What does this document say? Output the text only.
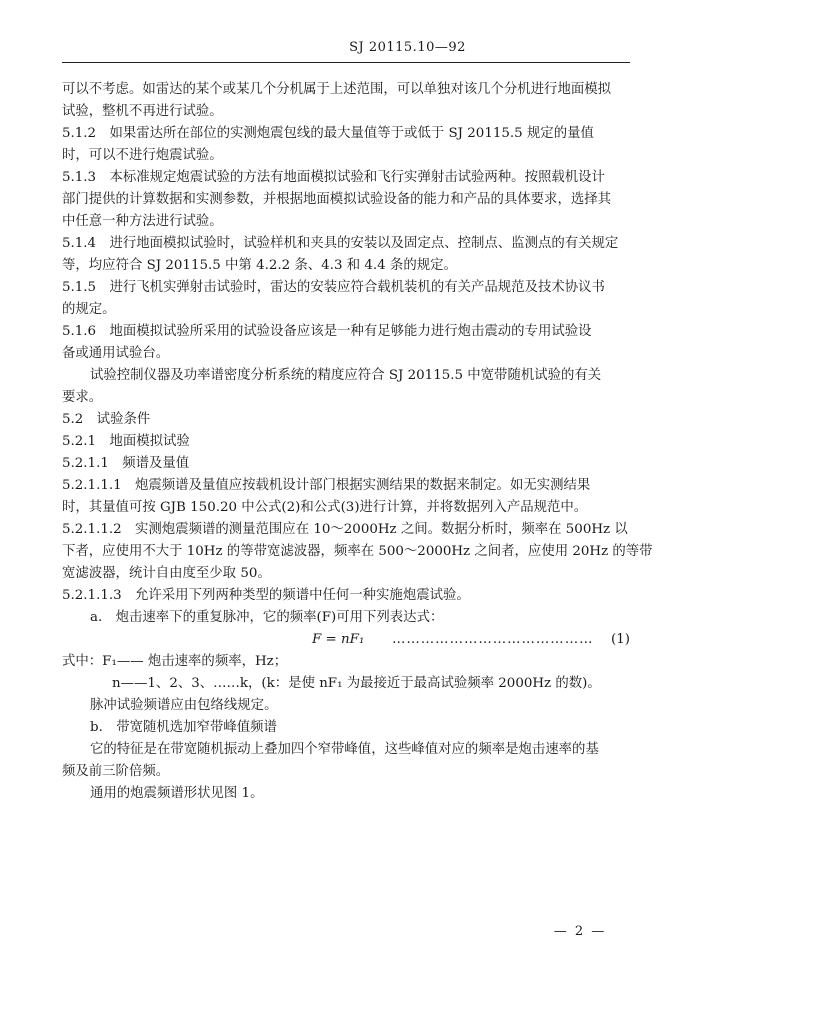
SJ 20115.10—92
可以不考虑。如雷达的某个或某几个分机属于上述范围，可以单独对该几个分机进行地面模拟
试验，整机不再进行试验。
5.1.2　如果雷达所在部位的实测炮震包线的最大量值等于或低于 SJ 20115.5 规定的量值
时，可以不进行炮震试验。
5.1.3　本标准规定炮震试验的方法有地面模拟试验和飞行实弹射击试验两种。按照载机设计
部门提供的计算数据和实测参数，并根据地面模拟试验设备的能力和产品的具体要求，选择其
中任意一种方法进行试验。
5.1.4　进行地面模拟试验时，试验样机和夹具的安装以及固定点、控制点、监测点的有关规定
等，均应符合 SJ 20115.5 中第 4.2.2 条、4.3 和 4.4 条的规定。
5.1.5　进行飞机实弹射击试验时，雷达的安装应符合载机装机的有关产品规范及技术协议书
的规定。
5.1.6　地面模拟试验所采用的试验设备应该是一种有足够能力进行炮击震动的专用试验设
备或通用试验台。
试验控制仪器及功率谱密度分析系统的精度应符合 SJ 20115.5 中宽带随机试验的有关
要求。
5.2　试验条件
5.2.1　地面模拟试验
5.2.1.1　频谱及量值
5.2.1.1.1　炮震频谱及量值应按载机设计部门根据实测结果的数据来制定。如无实测结果
时，其量值可按 GJB 150.20 中公式(2)和公式(3)进行计算，并将数据列入产品规范中。
5.2.1.1.2　实测炮震频谱的测量范围应在 10～2000Hz 之间。数据分析时，频率在 500Hz 以
下者，应使用不大于 10Hz 的等带宽滤波器，频率在 500～2000Hz 之间者，应使用 20Hz 的等带
宽滤波器，统计自由度至少取 50。
5.2.1.1.3　允许采用下列两种类型的频谱中任何一种实施炮震试验。
a.　炮击速率下的重复脉冲，它的频率(F)可用下列表达式：
F = nF₁ …………………………………… (1)
式中：F₁—— 炮击速率的频率，Hz；
n——1、2、3、……k，(k：是使 nF₁ 为最接近于最高试验频率 2000Hz 的数)。
脉冲试验频谱应由包络线规定。
b.　带宽随机选加窄带峰值频谱
它的特征是在带宽随机振动上叠加四个窄带峰值，这些峰值对应的频率是炮击速率的基
频及前三阶倍频。
通用的炮震频谱形状见图 1。
— 2 —
